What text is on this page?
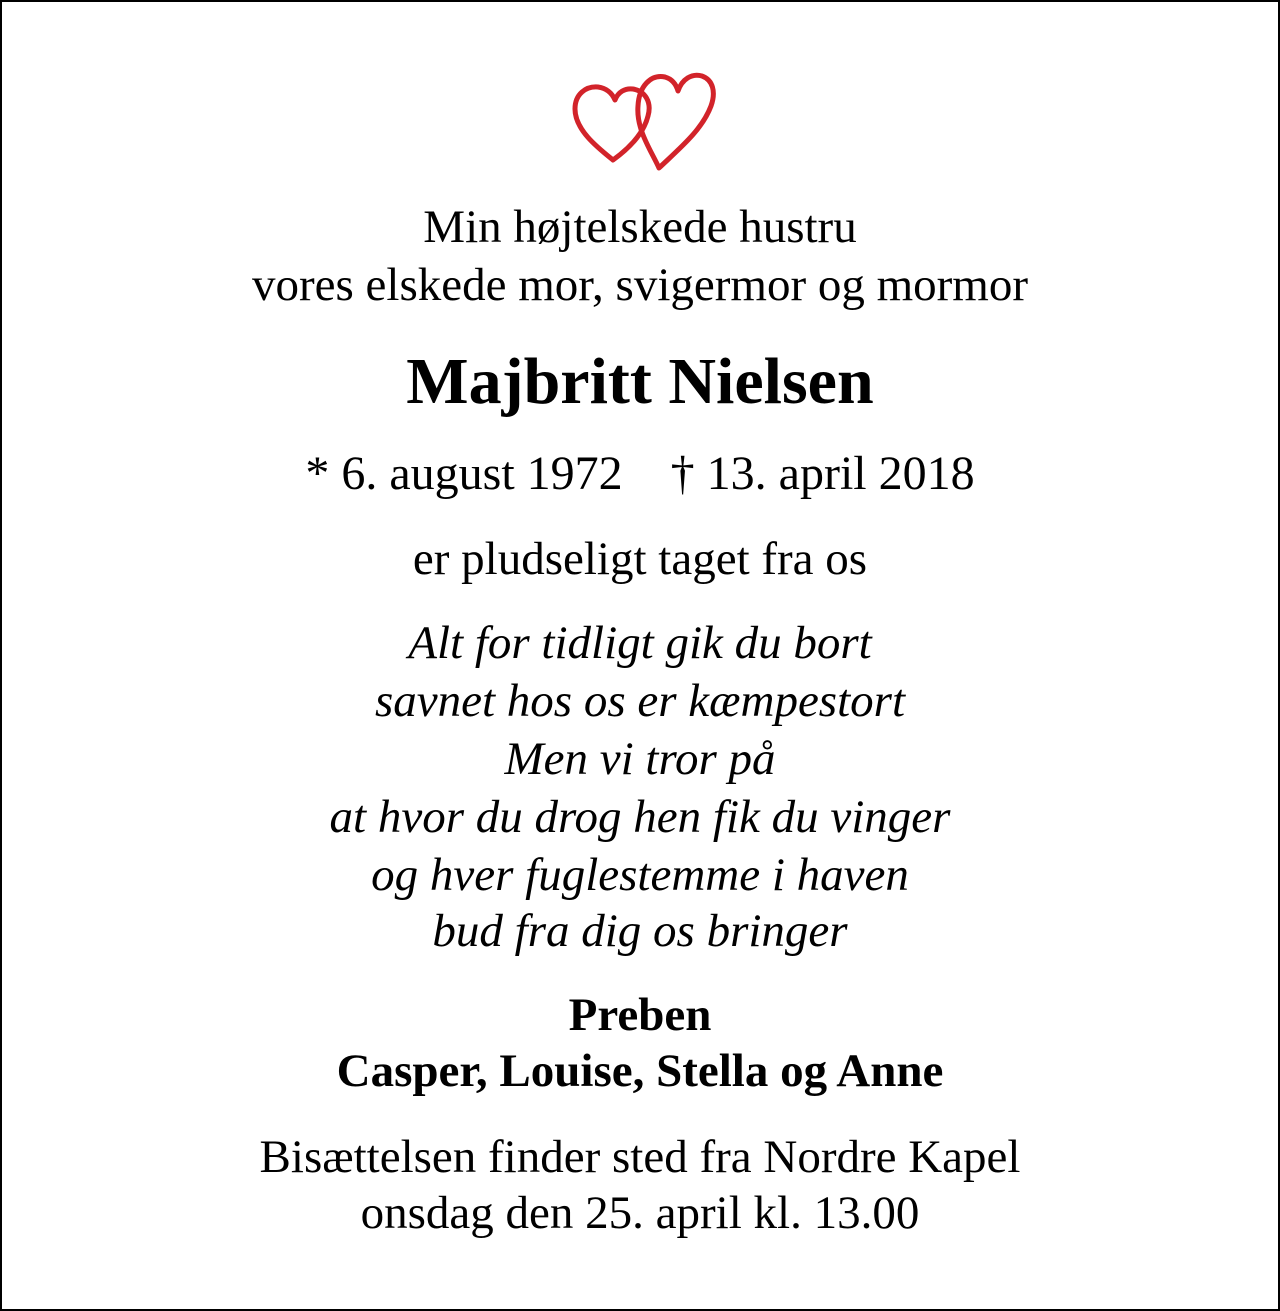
Min højtelskede hustru
vores elskede mor, svigermor og mormor
Majbritt Nielsen
* 6. august 1972 † 13. april 2018
er pludseligt taget fra os
Alt for tidligt gik du bort
savnet hos os er kæmpestort
Men vi tror på
at hvor du drog hen fik du vinger
og hver fuglestemme i haven
bud fra dig os bringer
Preben
Casper, Louise, Stella og Anne
Bisættelsen finder sted fra Nordre Kapel
onsdag den 25. april kl. 13.00
